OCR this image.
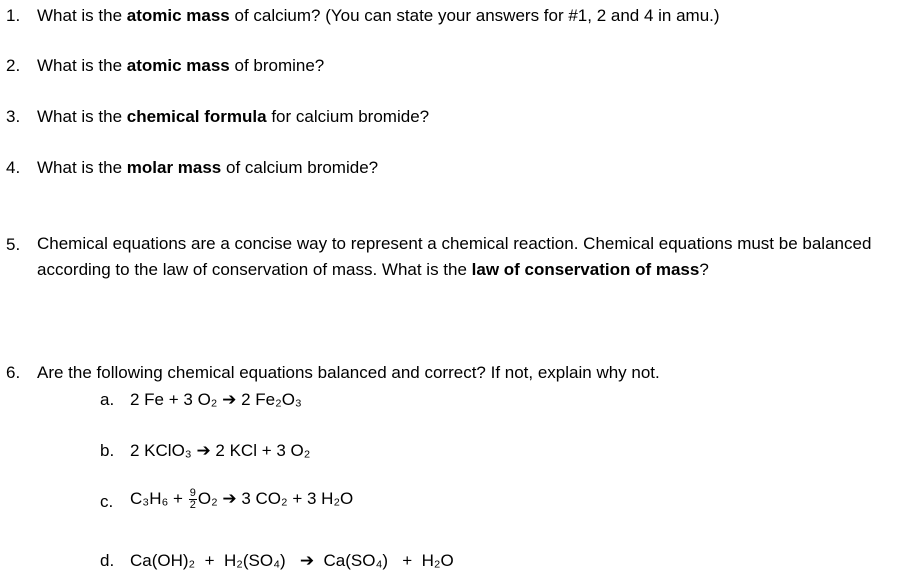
1. What is the atomic mass of calcium? (You can state your answers for #1, 2 and 4 in amu.)
2. What is the atomic mass of bromine?
3. What is the chemical formula for calcium bromide?
4. What is the molar mass of calcium bromide?
5. Chemical equations are a concise way to represent a chemical reaction. Chemical equations must be balanced according to the law of conservation of mass. What is the law of conservation of mass?
6. Are the following chemical equations balanced and correct? If not, explain why not.
a. 2 Fe + 3 O₂ ➔ 2 Fe₂O₃
b. 2 KClO₃ ➔ 2 KCl + 3 O₂
c. $C_3H_6 + \frac{9}{2} O_2$ ➔ 3 CO₂ + 3 H₂O
d. Ca(OH)₂  +  H₂(SO₄)   ➔  Ca(SO₄)   +  H₂O
